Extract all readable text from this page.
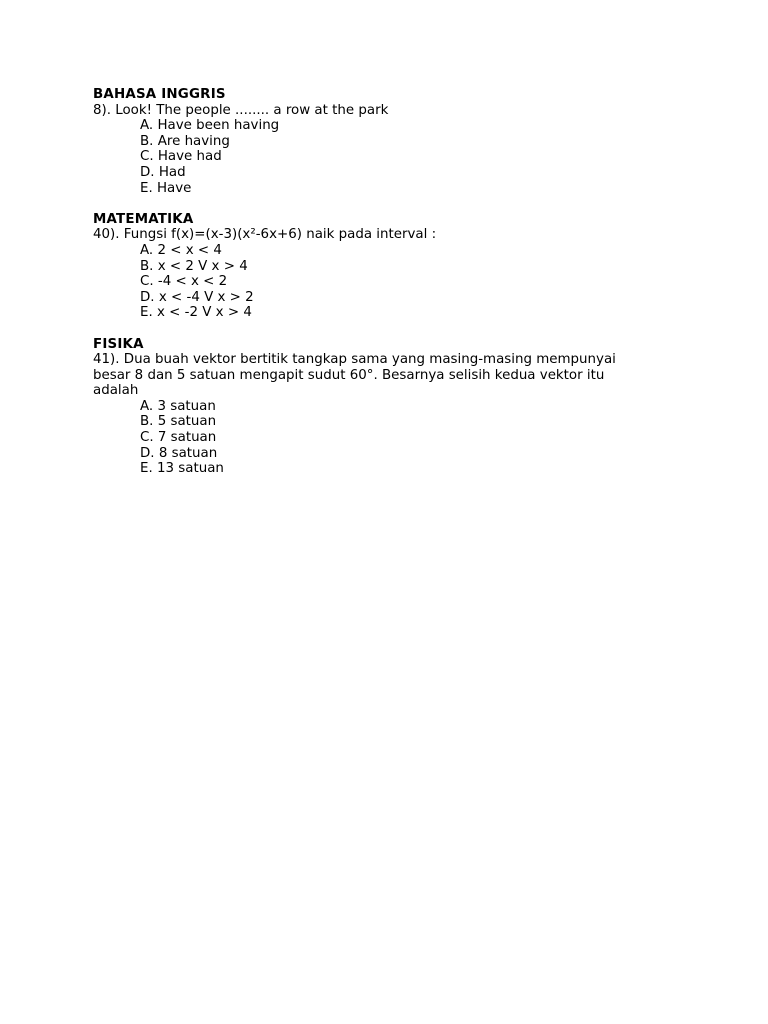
BAHASA INGGRIS
8). Look! The people ........ a row at the park
A. Have been having
B. Are having
C. Have had
D. Had
E. Have
MATEMATIKA
40). Fungsi f(x)=(x-3)(x²-6x+6) naik pada interval :
A. 2 < x < 4
B. x < 2 V x > 4
C. -4 < x < 2
D. x < -4 V x > 2
E. x < -2 V x > 4
FISIKA
41). Dua buah vektor bertitik tangkap sama yang masing-masing mempunyai
besar 8 dan 5 satuan mengapit sudut 60°. Besarnya selisih kedua vektor itu
adalah
A. 3 satuan
B. 5 satuan
C. 7 satuan
D. 8 satuan
E. 13 satuan
